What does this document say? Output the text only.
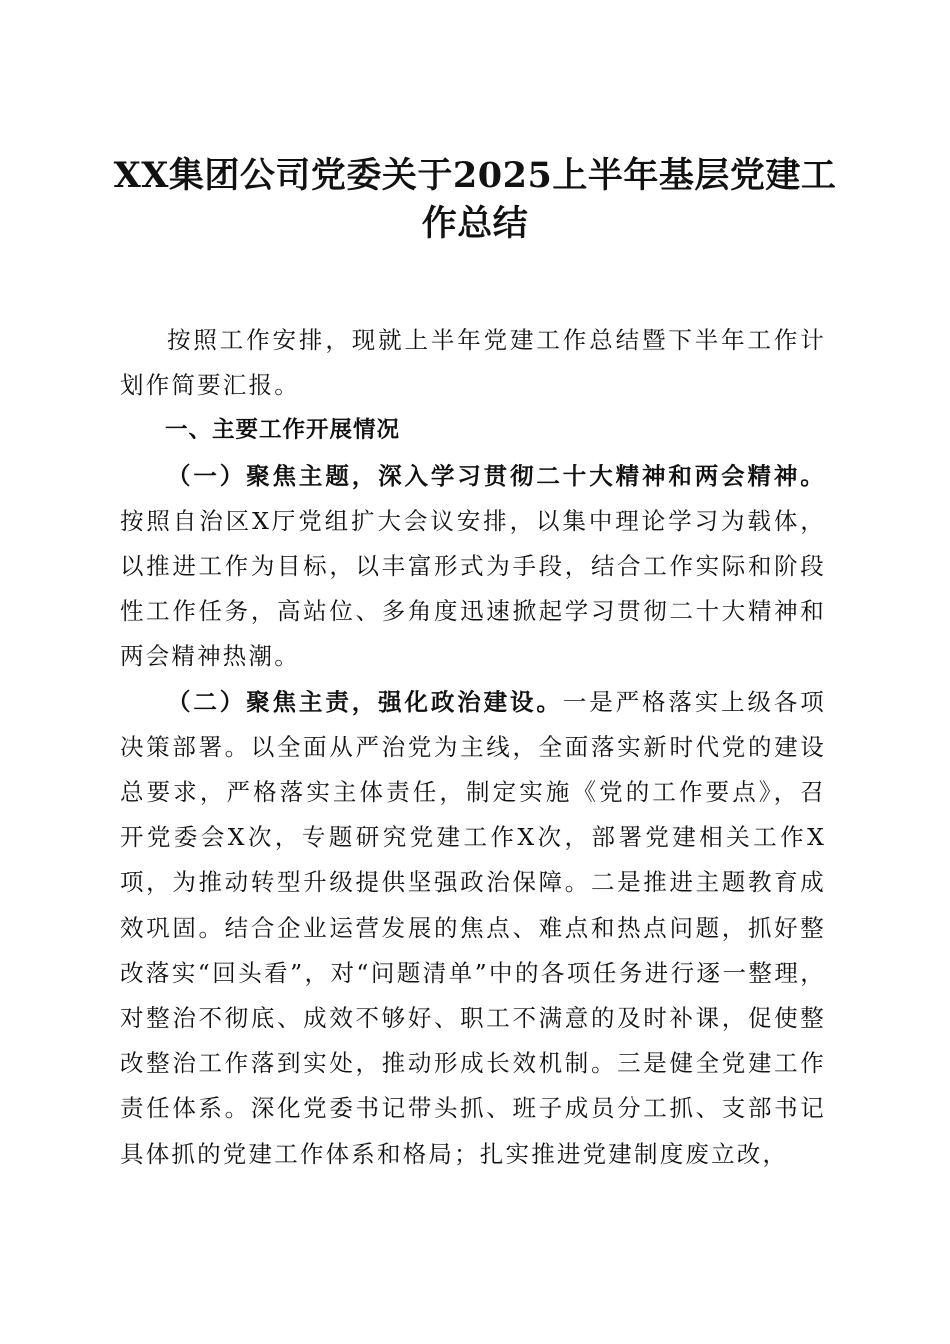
XX集团公司党委关于2025上半年基层党建工作总结

按照工作安排，现就上半年党建工作总结暨下半年工作计划作简要汇报。

一、主要工作开展情况

（一）聚焦主题，深入学习贯彻二十大精神和两会精神。按照自治区X厅党组扩大会议安排，以集中理论学习为载体，以推进工作为目标，以丰富形式为手段，结合工作实际和阶段性工作任务，高站位、多角度迅速掀起学习贯彻二十大精神和两会精神热潮。

（二）聚焦主责，强化政治建设。一是严格落实上级各项决策部署。以全面从严治党为主线，全面落实新时代党的建设总要求，严格落实主体责任，制定实施《党的工作要点》，召开党委会X次，专题研究党建工作X次，部署党建相关工作X项，为推动转型升级提供坚强政治保障。二是推进主题教育成效巩固。结合企业运营发展的焦点、难点和热点问题，抓好整改落实“回头看”，对“问题清单”中的各项任务进行逐一整理，对整治不彻底、成效不够好、职工不满意的及时补课，促使整改整治工作落到实处，推动形成长效机制。三是健全党建工作责任体系。深化党委书记带头抓、班子成员分工抓、支部书记具体抓的党建工作体系和格局；扎实推进党建制度废立改，
